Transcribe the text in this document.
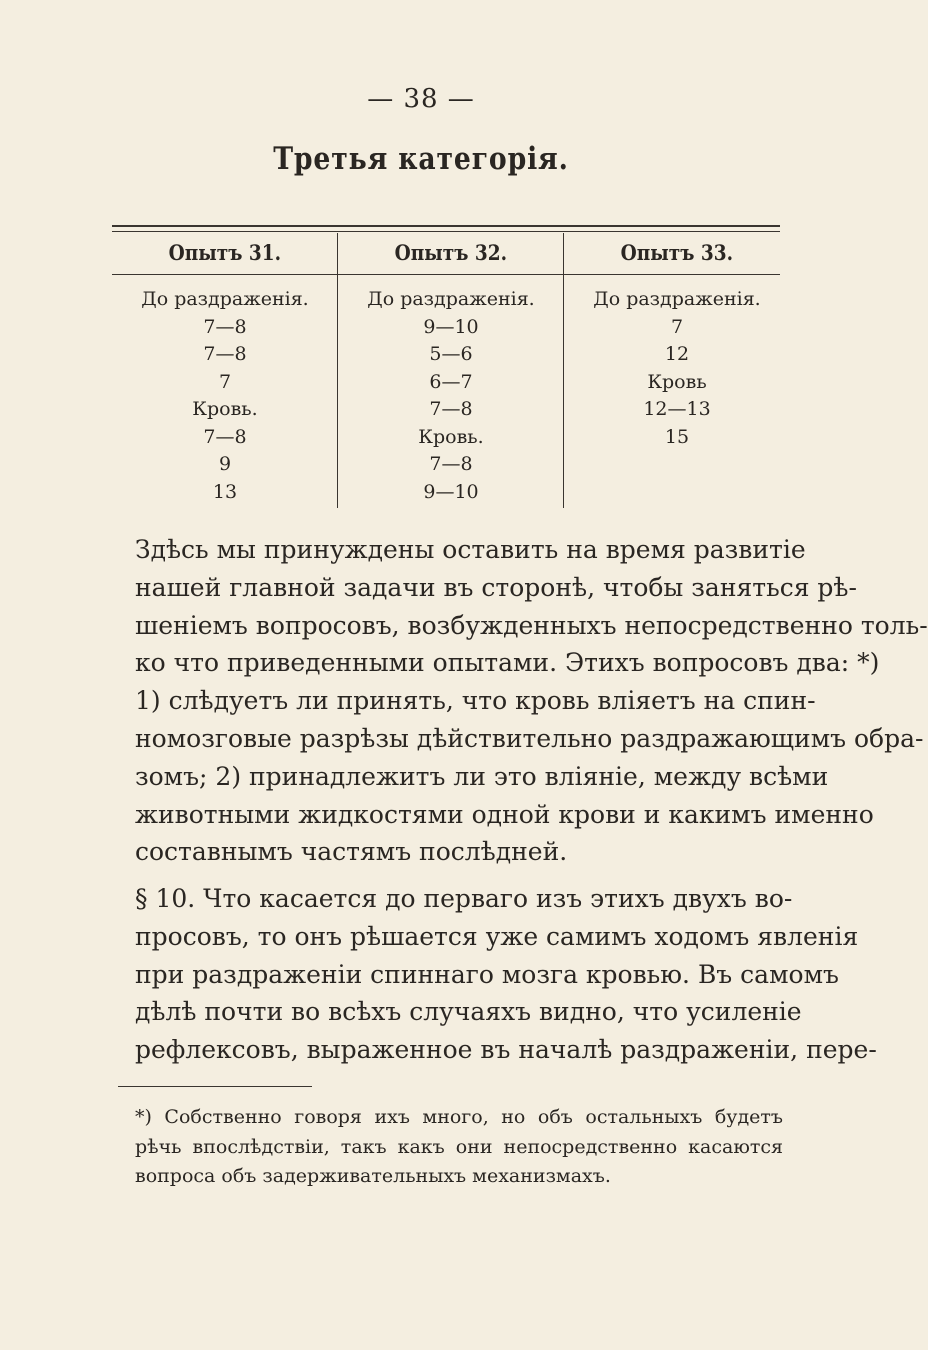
— 38 —
Третья категорія.
Опытъ 31.
До раздраженія.
7—8
7—8
7
Кровь.
7—8
9
13
Опытъ 32.
До раздраженія.
9—10
5—6
6—7
7—8
Кровь.
7—8
9—10
Опытъ 33.
До раздраженія.
7
12
Кровь
12—13
15
Здѣсь мы принуждены оставить на время развитіе
нашей главной задачи въ сторонѣ, чтобы заняться рѣ-
шеніемъ вопросовъ, возбужденныхъ непосредственно толь-
ко что приведенными опытами. Этихъ вопросовъ два: *)
1) слѣдуетъ ли принять, что кровь вліяетъ на спин-
номозговые разрѣзы дѣйствительно раздражающимъ обра-
зомъ; 2) принадлежитъ ли это вліяніе, между всѣми
животными жидкостями одной крови и какимъ именно
составнымъ частямъ послѣдней.
§ 10. Что касается до перваго изъ этихъ двухъ во-
просовъ, то онъ рѣшается уже самимъ ходомъ явленія
при раздраженіи спиннаго мозга кровью. Въ самомъ
дѣлѣ почти во всѣхъ случаяхъ видно, что усиленіе
рефлексовъ, выраженное въ началѣ раздраженіи, пере-
*) Собственно говоря ихъ много, но объ остальныхъ будетъ
рѣчь впослѣдствіи, такъ какъ они непосредственно касаются
вопроса объ задерживательныхъ механизмахъ.
